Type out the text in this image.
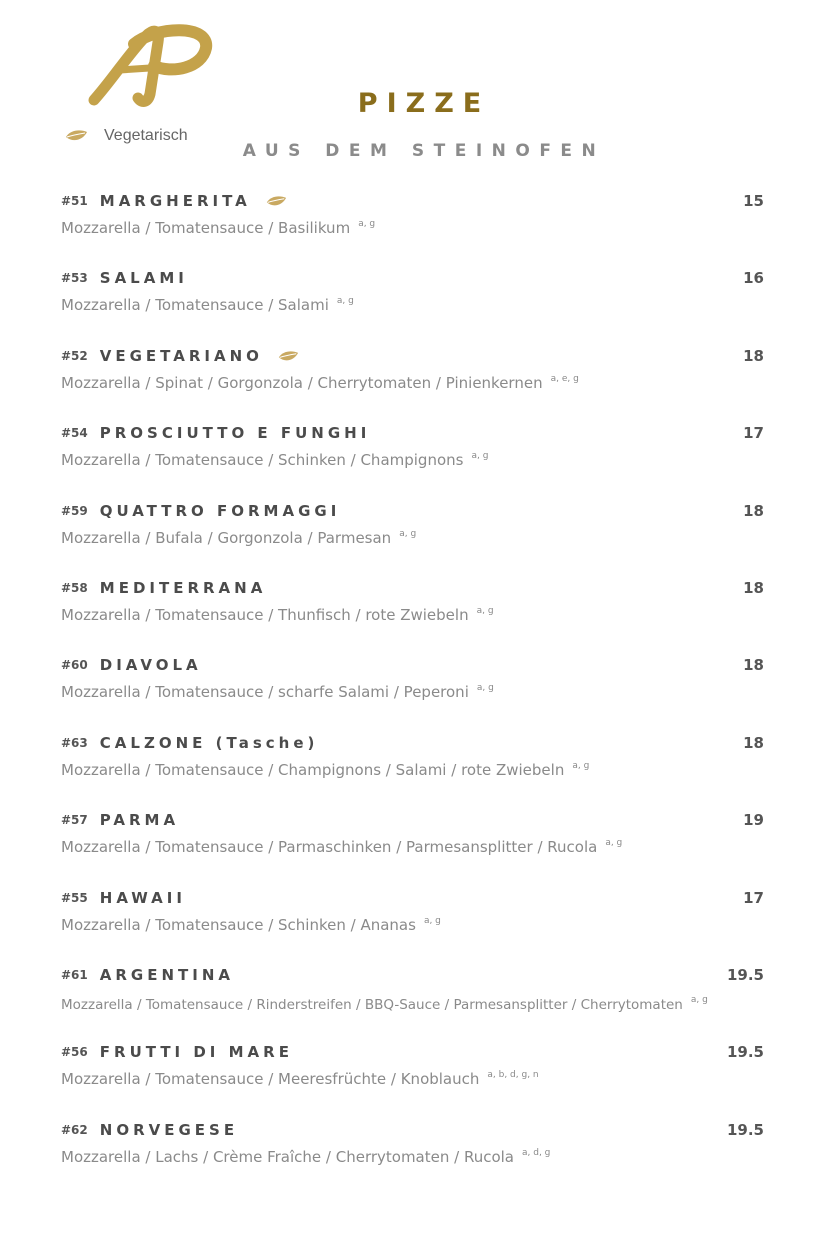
Vegetarisch
PIZZE
AUS DEM STEINOFEN
#51 MARGHERITA	15
Mozzarella / Tomatensauce / Basilikum $^{a, g}$
#53 SALAMI	16
Mozzarella / Tomatensauce / Salami $^{a, g}$
#52 VEGETARIANO	18
Mozzarella / Spinat / Gorgonzola / Cherrytomaten / Pinienkernen $^{a, e, g}$
#54 PROSCIUTTO E FUNGHI	17
Mozzarella / Tomatensauce / Schinken / Champignons $^{a, g}$
#59 QUATTRO FORMAGGI	18
Mozzarella / Bufala / Gorgonzola / Parmesan $^{a, g}$
#58 MEDITERRANA	18
Mozzarella / Tomatensauce / Thunfisch / rote Zwiebeln $^{a, g}$
#60 DIAVOLA	18
Mozzarella / Tomatensauce / scharfe Salami / Peperoni $^{a, g}$
#63 CALZONE (Tasche)	18
Mozzarella / Tomatensauce / Champignons / Salami / rote Zwiebeln $^{a, g}$
#57 PARMA	19
Mozzarella / Tomatensauce / Parmaschinken / Parmesansplitter / Rucola $^{a, g}$
#55 HAWAII	17
Mozzarella / Tomatensauce / Schinken / Ananas $^{a, g}$
#61 ARGENTINA	19.5
Mozzarella / Tomatensauce / Rinderstreifen / BBQ-Sauce / Parmesansplitter / Cherrytomaten $^{a, g}$
#56 FRUTTI DI MARE	19.5
Mozzarella / Tomatensauce / Meeresfrüchte / Knoblauch $^{a, b, d, g, n}$
#62 NORVEGESE	19.5
Mozzarella / Lachs / Crème Fraîche / Cherrytomaten / Rucola $^{a, d, g}$
